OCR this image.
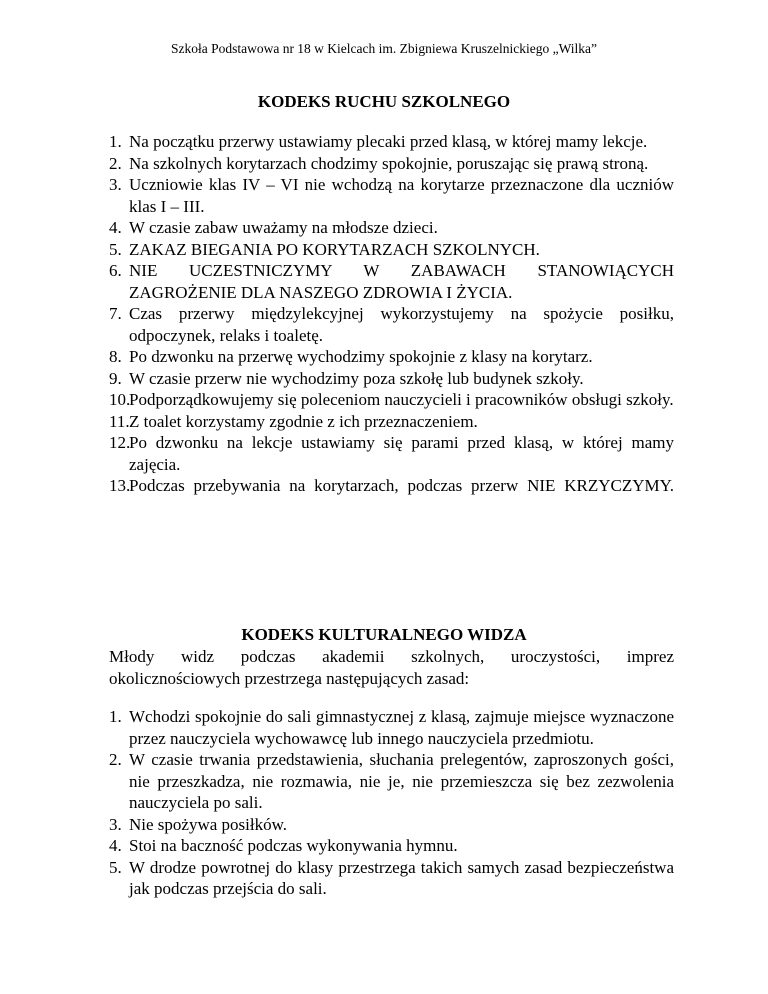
Szkoła Podstawowa nr 18 w Kielcach im. Zbigniewa Kruszelnickiego „Wilka”
KODEKS RUCHU SZKOLNEGO
1. Na początku przerwy ustawiamy plecaki przed klasą, w której mamy lekcje.
2. Na szkolnych korytarzach chodzimy spokojnie, poruszając się prawą stroną.
3. Uczniowie klas IV – VI nie wchodzą na korytarze przeznaczone dla uczniów klas I – III.
4. W czasie zabaw uważamy na młodsze dzieci.
5. ZAKAZ BIEGANIA PO KORYTARZACH SZKOLNYCH.
6. NIE UCZESTNICZYMY W ZABAWACH STANOWIĄCYCH ZAGROŻENIE DLA NASZEGO ZDROWIA I ŻYCIA.
7. Czas przerwy międzylekcyjnej wykorzystujemy na spożycie posiłku, odpoczynek, relaks i toaletę.
8. Po dzwonku na przerwę wychodzimy spokojnie z klasy na korytarz.
9. W czasie przerw nie wychodzimy poza szkołę lub budynek szkoły.
10.
Podporządkowujemy się poleceniom nauczycieli i pracowników obsługi szkoły.
11. Z toalet korzystamy zgodnie z ich przeznaczeniem.
12.
Po dzwonku na lekcje ustawiamy się parami przed klasą, w której mamy zajęcia.
13.
Podczas przebywania na korytarzach, podczas przerw NIE KRZYCZYMY.
KODEKS KULTURALNEGO WIDZA
Młody widz podczas akademii szkolnych, uroczystości, imprez
okolicznościowych przestrzega następujących zasad:
1. Wchodzi spokojnie do sali gimnastycznej z klasą, zajmuje miejsce wyznaczone przez nauczyciela wychowawcę lub innego nauczyciela przedmiotu.
2. W czasie trwania przedstawienia, słuchania prelegentów, zaproszonych gości, nie przeszkadza, nie rozmawia, nie je, nie przemieszcza się bez zezwolenia nauczyciela po sali.
3. Nie spożywa posiłków.
4. Stoi na baczność podczas wykonywania hymnu.
5. W drodze powrotnej do klasy przestrzega takich samych zasad bezpieczeństwa jak podczas przejścia do sali.
